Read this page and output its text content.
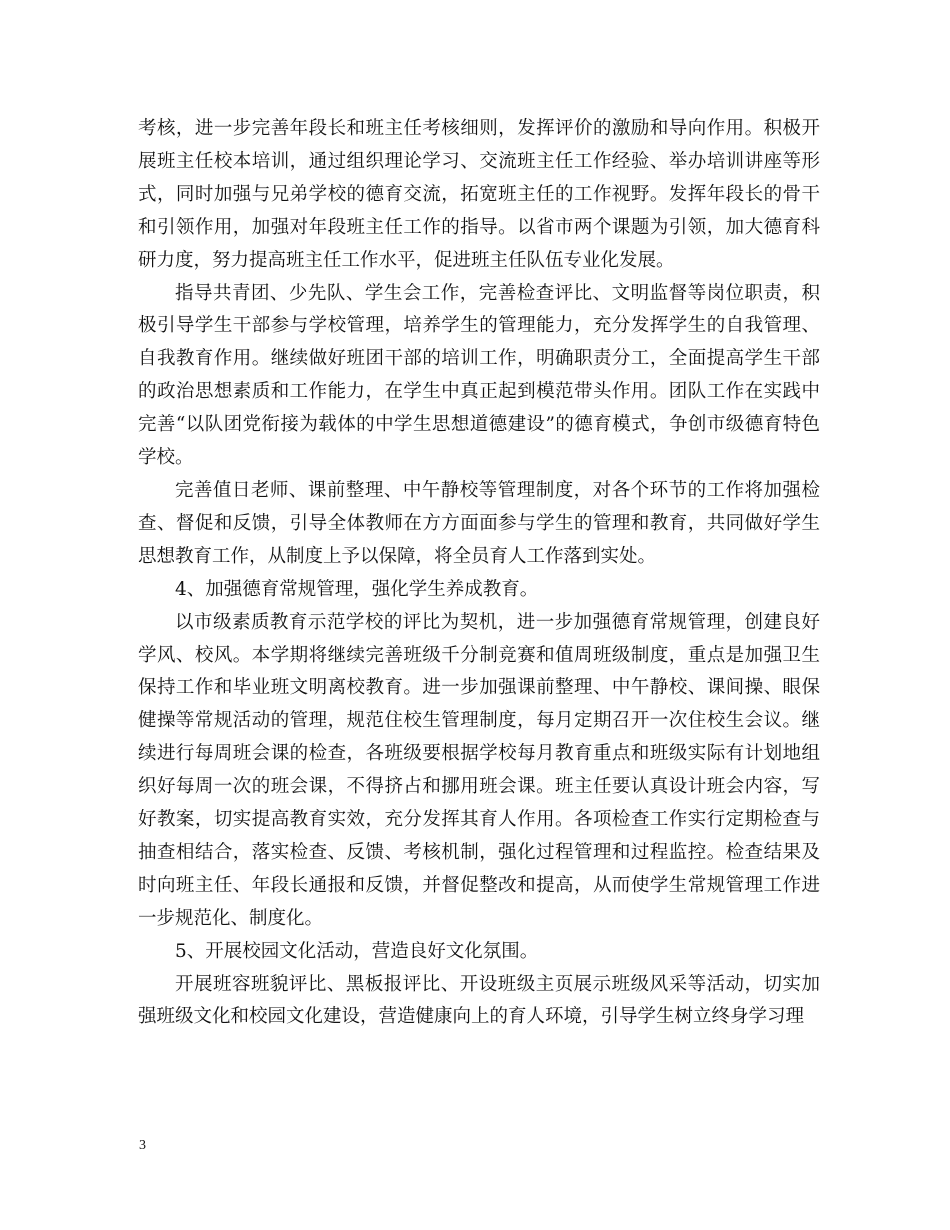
考核，进一步完善年段长和班主任考核细则，发挥评价的激励和导向作用。积极开展班主任校本培训，通过组织理论学习、交流班主任工作经验、举办培训讲座等形式，同时加强与兄弟学校的德育交流，拓宽班主任的工作视野。发挥年段长的骨干和引领作用，加强对年段班主任工作的指导。以省市两个课题为引领，加大德育科研力度，努力提高班主任工作水平，促进班主任队伍专业化发展。

指导共青团、少先队、学生会工作，完善检查评比、文明监督等岗位职责，积极引导学生干部参与学校管理，培养学生的管理能力，充分发挥学生的自我管理、自我教育作用。继续做好班团干部的培训工作，明确职责分工，全面提高学生干部的政治思想素质和工作能力，在学生中真正起到模范带头作用。团队工作在实践中完善“以队团党衔接为载体的中学生思想道德建设”的德育模式，争创市级德育特色学校。

完善值日老师、课前整理、中午静校等管理制度，对各个环节的工作将加强检查、督促和反馈，引导全体教师在方方面面参与学生的管理和教育，共同做好学生思想教育工作，从制度上予以保障，将全员育人工作落到实处。

4、加强德育常规管理，强化学生养成教育。

以市级素质教育示范学校的评比为契机，进一步加强德育常规管理，创建良好学风、校风。本学期将继续完善班级千分制竞赛和值周班级制度，重点是加强卫生保持工作和毕业班文明离校教育。进一步加强课前整理、中午静校、课间操、眼保健操等常规活动的管理，规范住校生管理制度，每月定期召开一次住校生会议。继续进行每周班会课的检查，各班级要根据学校每月教育重点和班级实际有计划地组织好每周一次的班会课，不得挤占和挪用班会课。班主任要认真设计班会内容，写好教案，切实提高教育实效，充分发挥其育人作用。各项检查工作实行定期检查与抽查相结合，落实检查、反馈、考核机制，强化过程管理和过程监控。检查结果及时向班主任、年段长通报和反馈，并督促整改和提高，从而使学生常规管理工作进一步规范化、制度化。

5、开展校园文化活动，营造良好文化氛围。

开展班容班貌评比、黑板报评比、开设班级主页展示班级风采等活动，切实加强班级文化和校园文化建设，营造健康向上的育人环境，引导学生树立终身学习理

3
